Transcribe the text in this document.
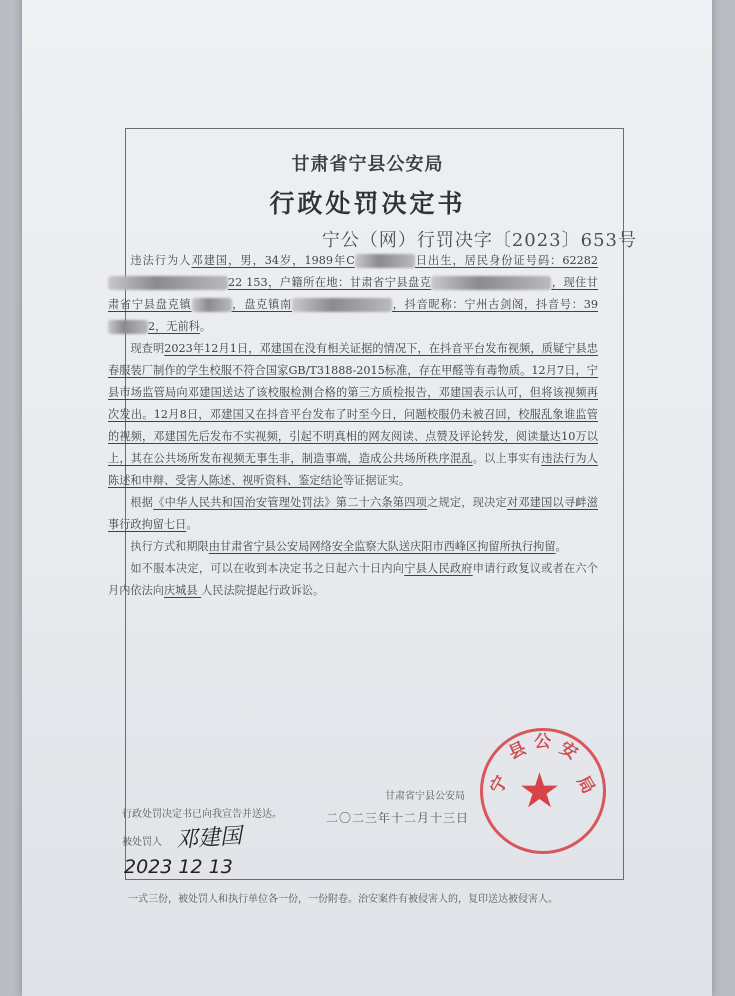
甘肃省宁县公安局
行政处罚决定书
宁公（网）行罚决字〔2023〕653号

违法行为人邓建国，男，34岁，1989年C	日出生，居民身份证号码：6228222 153，户籍所在地：甘肃省宁县盘克	，现住甘肃省宁县盘克镇	，盘克镇南	，抖音昵称：宁州古剑阁，抖音号：392，无前科。

现查明2023年12月1日，邓建国在没有相关证据的情况下，在抖音平台发布视频，质疑宁县忠春服装厂制作的学生校服不符合国家GB/T31888-2015标准，存在甲醛等有毒物质。12月7日，宁县市场监管局向邓建国送达了该校服检测合格的第三方质检报告，邓建国表示认可，但将该视频再次发出。12月8日，邓建国又在抖音平台发布了时至今日，问题校服仍未被召回，校服乱象谁监管的视频，邓建国先后发布不实视频，引起不明真相的网友阅读、点赞及评论转发，阅读量达10万以上，其在公共场所发布视频无事生非，制造事端，造成公共场所秩序混乱。以上事实有违法行为人陈述和申辩、受害人陈述、视听资料、鉴定结论等证据证实。

根据《中华人民共和国治安管理处罚法》第二十六条第四项之规定，现决定对邓建国以寻衅滋事行政拘留七日。

执行方式和期限由甘肃省宁县公安局网络安全监察大队送庆阳市西峰区拘留所执行拘留。

如不服本决定，可以在收到本决定书之日起六十日内向宁县人民政府申请行政复议或者在六个月内依法向庆城县 人民法院提起行政诉讼。

★
宁
县 公 安
局
甘肃省宁县公安局
二〇二三年十二月十三日
行政处罚决定书已向我宣告并送达。
被处罚人 邓建国
2023 12 13
一式三份，被处罚人和执行单位各一份，一份附卷。治安案件有被侵害人的，复印送达被侵害人。
